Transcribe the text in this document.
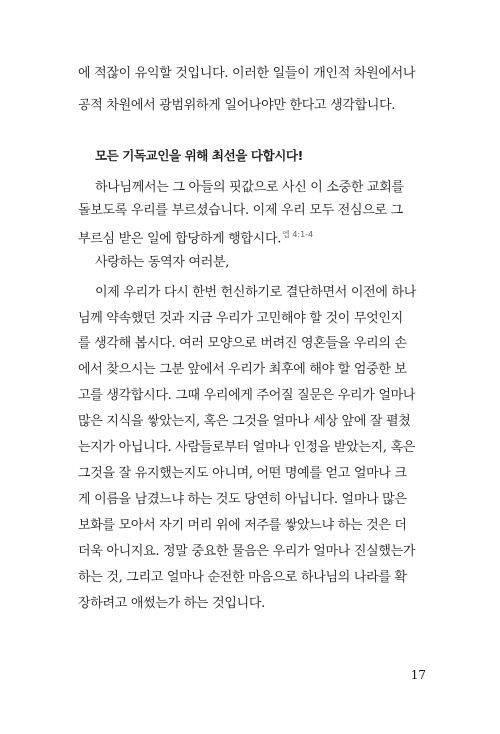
에 적잖이 유익할 것입니다. 이러한 일들이 개인적 차원에서나
공적 차원에서 광범위하게 일어나야만 한다고 생각합니다.
모든 기독교인을 위해 최선을 다합시다!
하나님께서는 그 아들의 핏값으로 사신 이 소중한 교회를
돌보도록 우리를 부르셨습니다. 이제 우리 모두 전심으로 그
부르심 받은 일에 합당하게 행합시다.$^{엡 4:1-4}$
사랑하는 동역자 여러분,
이제 우리가 다시 한번 헌신하기로 결단하면서 이전에 하나
님께 약속했던 것과 지금 우리가 고민해야 할 것이 무엇인지
를 생각해 봅시다. 여러 모양으로 버려진 영혼들을 우리의 손
에서 찾으시는 그분 앞에서 우리가 최후에 해야 할 엄중한 보
고를 생각합시다. 그때 우리에게 주어질 질문은 우리가 얼마나
많은 지식을 쌓았는지, 혹은 그것을 얼마나 세상 앞에 잘 펼쳤
는지가 아닙니다. 사람들로부터 얼마나 인정을 받았는지, 혹은
그것을 잘 유지했는지도 아니며, 어떤 명예를 얻고 얼마나 크
게 이름을 남겼느냐 하는 것도 당연히 아닙니다. 얼마나 많은
보화를 모아서 자기 머리 위에 저주를 쌓았느냐 하는 것은 더
더욱 아니지요. 정말 중요한 물음은 우리가 얼마나 진실했는가
하는 것, 그리고 얼마나 순전한 마음으로 하나님의 나라를 확
장하려고 애썼는가 하는 것입니다.
17
